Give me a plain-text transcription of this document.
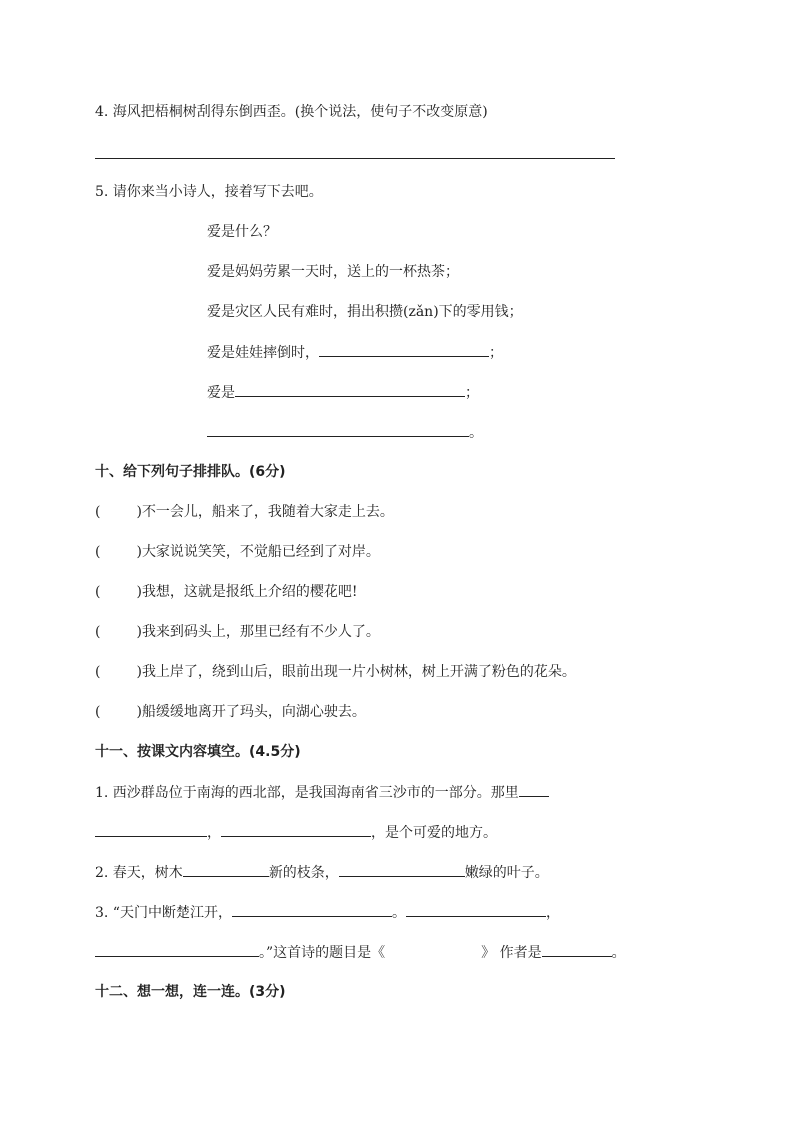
4. 海风把梧桐树刮得东倒西歪。(换个说法，使句子不改变原意)
5. 请你来当小诗人，接着写下去吧。
爱是什么？
爱是妈妈劳累一天时，送上的一杯热茶；
爱是灾区人民有难时，捐出积攒(zǎn)下的零用钱；
爱是娃娃摔倒时，	；
爱是	；
。
十、给下列句子排排队。(6分)
(	)不一会儿，船来了，我随着大家走上去。
(	)大家说说笑笑，不觉船已经到了对岸。
(	)我想，这就是报纸上介绍的樱花吧!
(	)我来到码头上，那里已经有不少人了。
(	)我上岸了，绕到山后，眼前出现一片小树林，树上开满了粉色的花朵。
(	)船缓缓地离开了玛头，向湖心驶去。
十一、按课文内容填空。(4.5分)
1. 西沙群岛位于南海的西北部，是我国海南省三沙市的一部分。那里
，	，是个可爱的地方。
2. 春天，树木	新的枝条，	嫩绿的叶子。
3. “天门中断楚江开，	。	，
。”这首诗的题目是《	》 作者是	。
十二、想一想，连一连。(3分)
